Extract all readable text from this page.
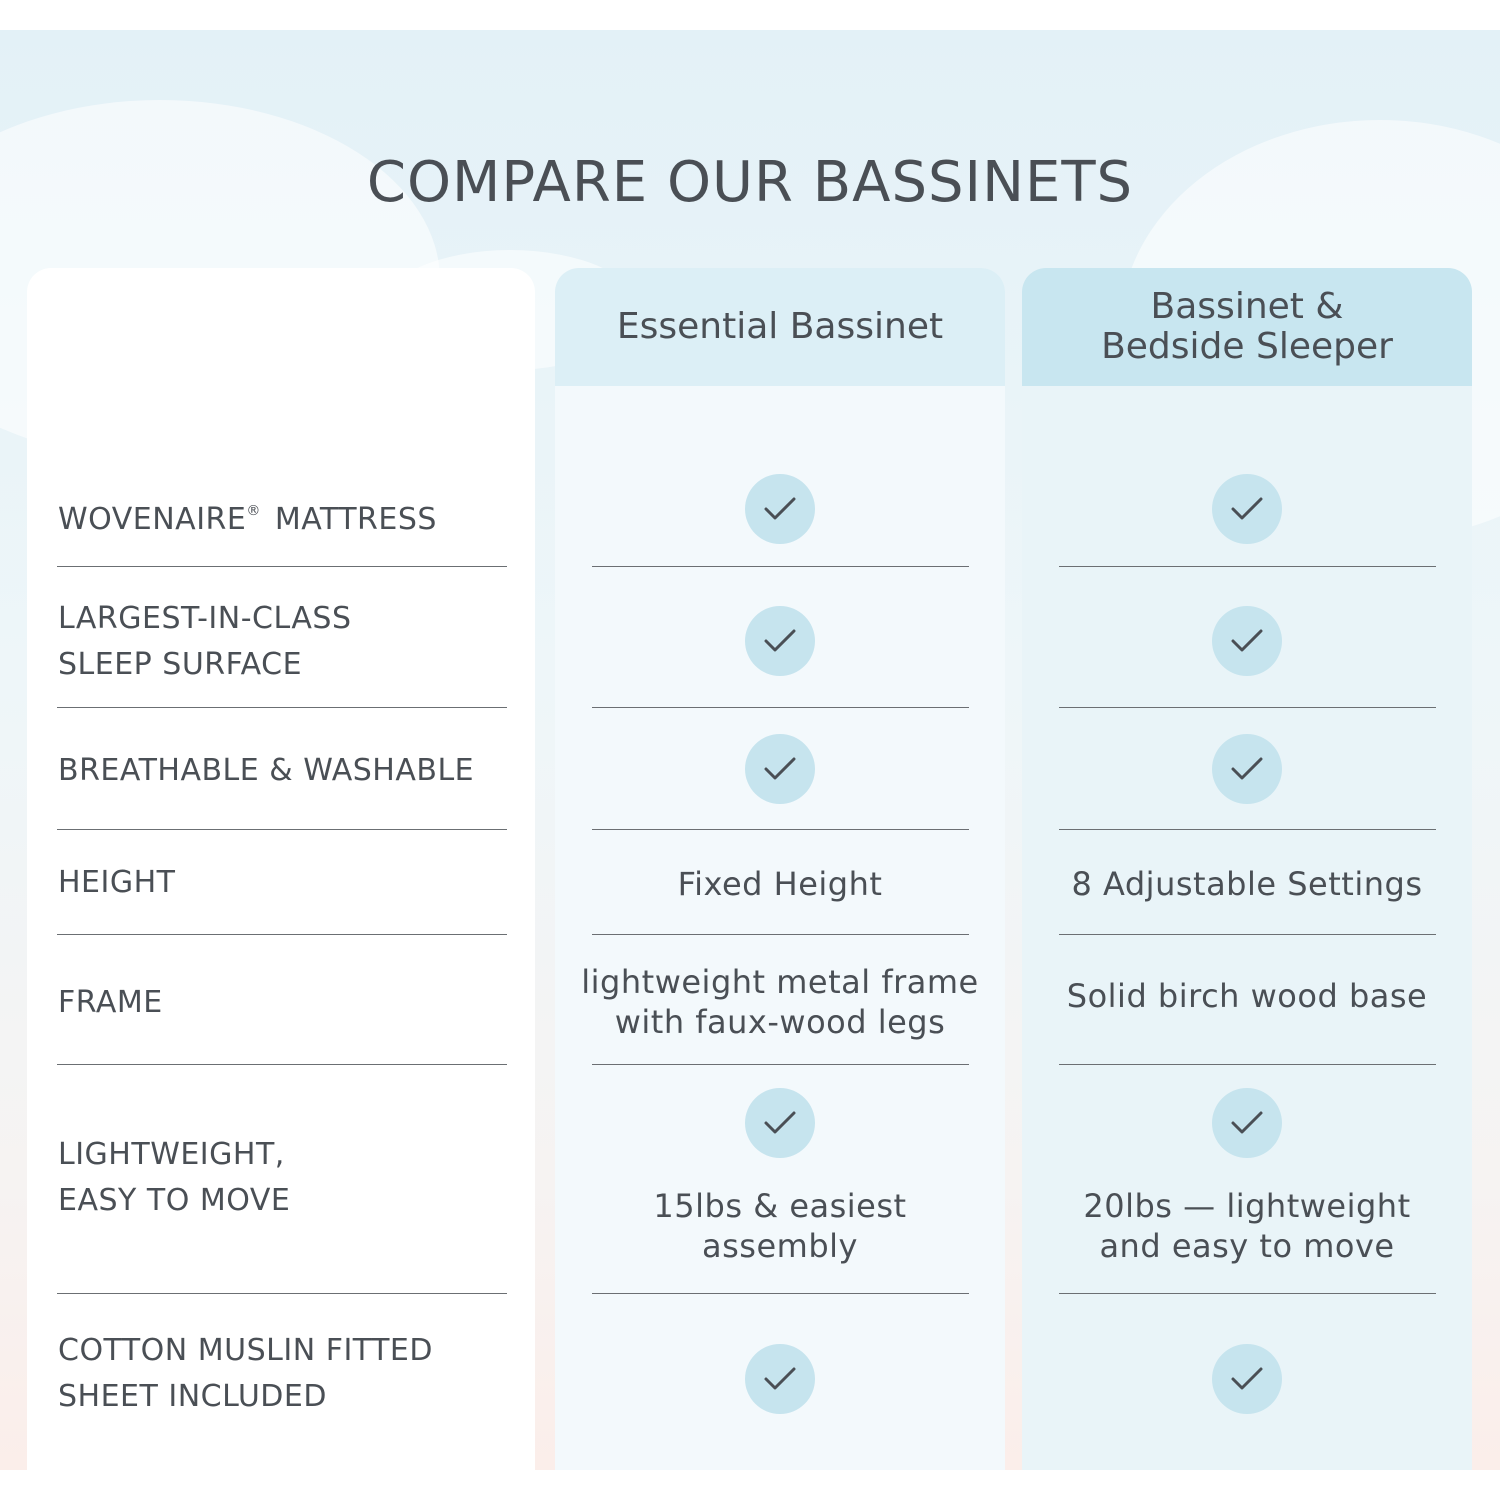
COMPARE OUR BASSINETS
WOVENAIRE® MATTRESS
LARGEST-IN-CLASS
SLEEP SURFACE
BREATHABLE & WASHABLE
HEIGHT
FRAME
LIGHTWEIGHT,
EASY TO MOVE
COTTON MUSLIN FITTED
SHEET INCLUDED
Essential Bassinet
Fixed Height
lightweight metal frame
with faux-wood legs
15lbs & easiest
assembly
Bassinet &
Bedside Sleeper
8 Adjustable Settings
Solid birch wood base
20lbs — lightweight
and easy to move
